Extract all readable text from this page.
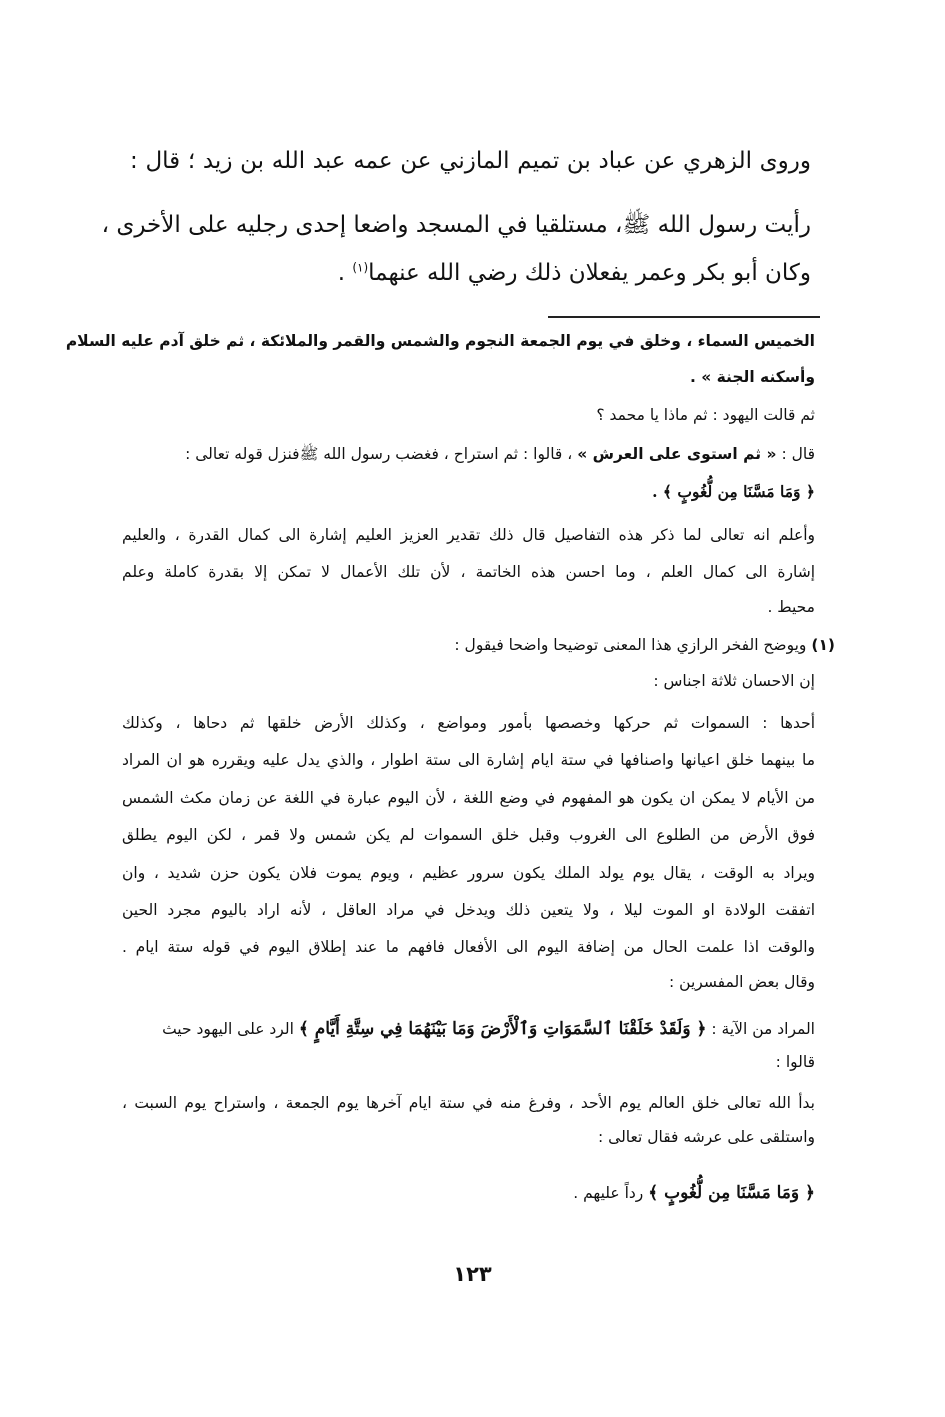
وروى الزهري عن عباد بن تميم المازني عن عمه عبد الله بن زيد ؛ قال :
رأيت رسول الله ﷺ، مستلقيا في المسجد واضعا إحدى رجليه على الأخرى ،
وكان أبو بكر وعمر يفعلان ذلك رضي الله عنهما$^{(١)}$ .
الخميس السماء ، وخلق في يوم الجمعة النجوم والشمس والقمر والملائكة ، ثم خلق آدم عليه السلام
وأسكنه الجنة » .
ثم قالت اليهود : ثم ماذا يا محمد ؟
قال : « ثم استوى على العرش » ، قالوا : ثم استراح ، فغضب رسول الله ﷺفنزل قوله تعالى :
﴿ وَمَا مَسَّنَا مِن لُّغُوبٍ ﴾ .
وأعلم انه تعالى لما ذكر هذه التفاصيل قال ذلك تقدير العزيز العليم إشارة الى كمال القدرة ، والعليم
إشارة الى كمال العلم ، وما احسن هذه الخاتمة ، لأن تلك الأعمال لا تمكن إلا بقدرة كاملة وعلم
محيط .
(١) ويوضح الفخر الرازي هذا المعنى توضيحا واضحا فيقول :
إن الاحسان ثلاثة اجناس :
أحدها : السموات ثم حركها وخصصها بأمور ومواضع ، وكذلك الأرض خلقها ثم دحاها ، وكذلك
ما بينهما خلق اعيانها واصنافها في ستة ايام إشارة الى ستة اطوار ، والذي يدل عليه ويقرره هو ان المراد
من الأيام لا يمكن ان يكون هو المفهوم في وضع اللغة ، لأن اليوم عبارة في اللغة عن زمان مكث الشمس
فوق الأرض من الطلوع الى الغروب وقبل خلق السموات لم يكن شمس ولا قمر ، لكن اليوم يطلق
ويراد به الوقت ، يقال يوم يولد الملك يكون سرور عظيم ، ويوم يموت فلان يكون حزن شديد ، وان
اتفقت الولادة او الموت ليلا ، ولا يتعين ذلك ويدخل في مراد العاقل ، لأنه اراد باليوم مجرد الحين
والوقت اذا علمت الحال من إضافة اليوم الى الأفعال فافهم ما عند إطلاق اليوم في قوله ستة ايام .
وقال بعض المفسرين :
المراد من الآية : ﴿ وَلَقَدْ خَلَقْنَا ٱلسَّمَوَاتِ وَٱلْأَرْضَ وَمَا بَيْنَهُمَا فِي سِتَّةِ أَيَّامٍ ﴾ الرد على اليهود حيث
قالوا :
بدأ الله تعالى خلق العالم يوم الأحد ، وفرغ منه في ستة ايام آخرها يوم الجمعة ، واستراح يوم السبت ،
واستلقى على عرشه فقال تعالى :
﴿ وَمَا مَسَّنَا مِن لُّغُوبٍ ﴾ رداً عليهم .
١٢٣
